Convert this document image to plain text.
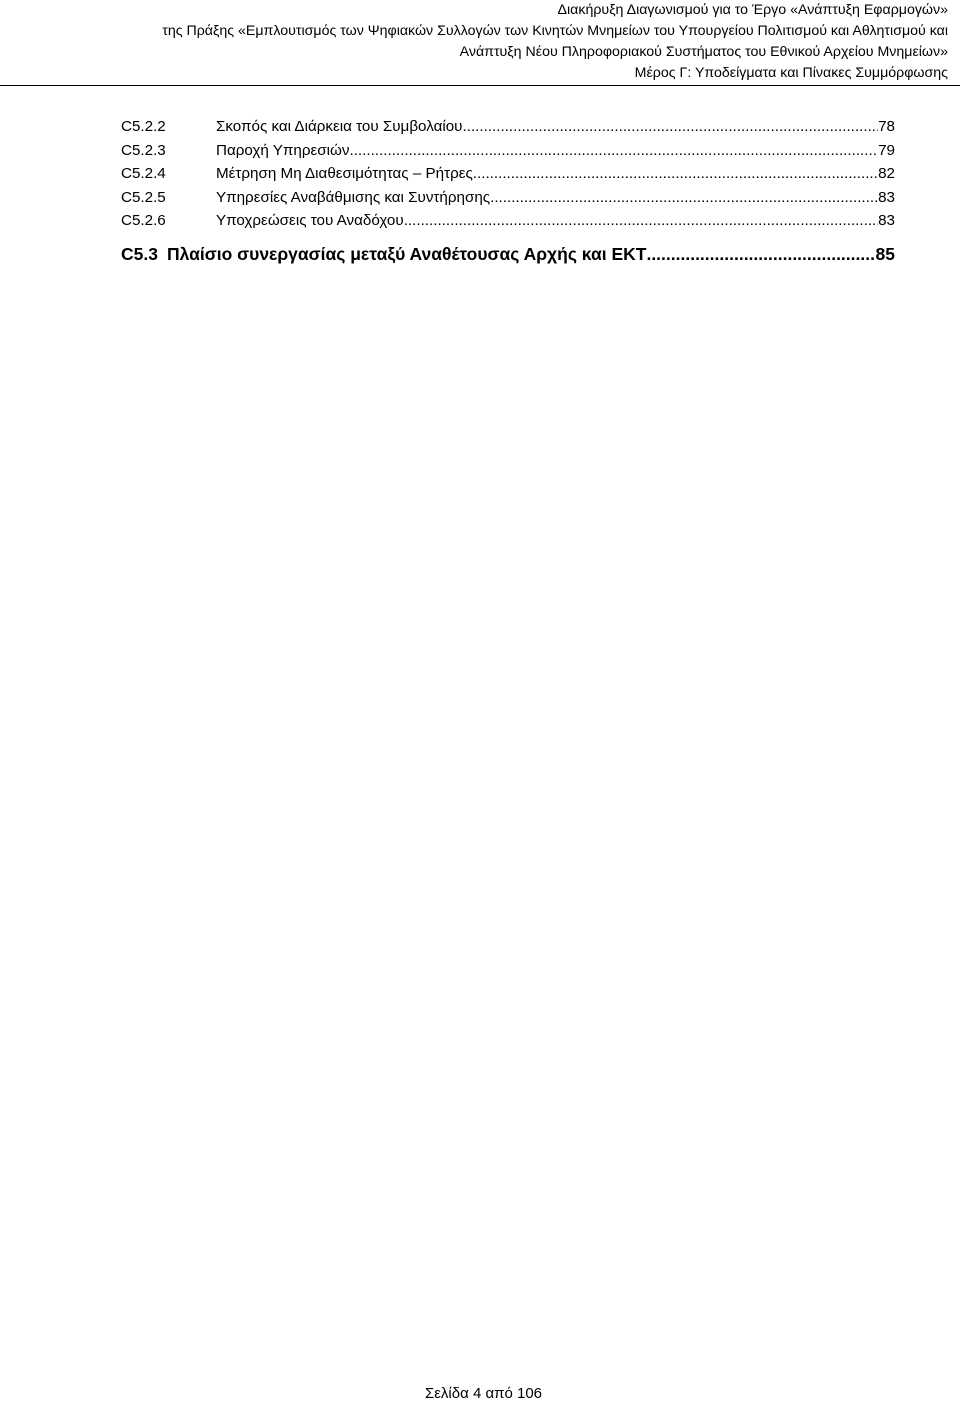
Διακήρυξη Διαγωνισμού για το Έργο «Ανάπτυξη Εφαρμογών»
της Πράξης «Εμπλουτισμός των Ψηφιακών Συλλογών των Κινητών Μνημείων του Υπουργείου Πολιτισμού και Αθλητισμού και
Ανάπτυξη Νέου Πληροφοριακού Συστήματος του Εθνικού Αρχείου Μνημείων»
Μέρος Γ: Υποδείγματα και Πίνακες Συμμόρφωσης
C5.2.2	Σκοπός και Διάρκεια του Συμβολαίου .....	78
C5.2.3	Παροχή Υπηρεσιών .....	79
C5.2.4	Μέτρηση Μη Διαθεσιμότητας – Ρήτρες .....	82
C5.2.5	Υπηρεσίες Αναβάθμισης και Συντήρησης .....	83
C5.2.6	Υποχρεώσεις του Αναδόχου .....	83
C5.3 Πλαίσιο συνεργασίας μεταξύ Αναθέτουσας Αρχής και ΕΚΤ .....	85
Σελίδα 4 από 106
